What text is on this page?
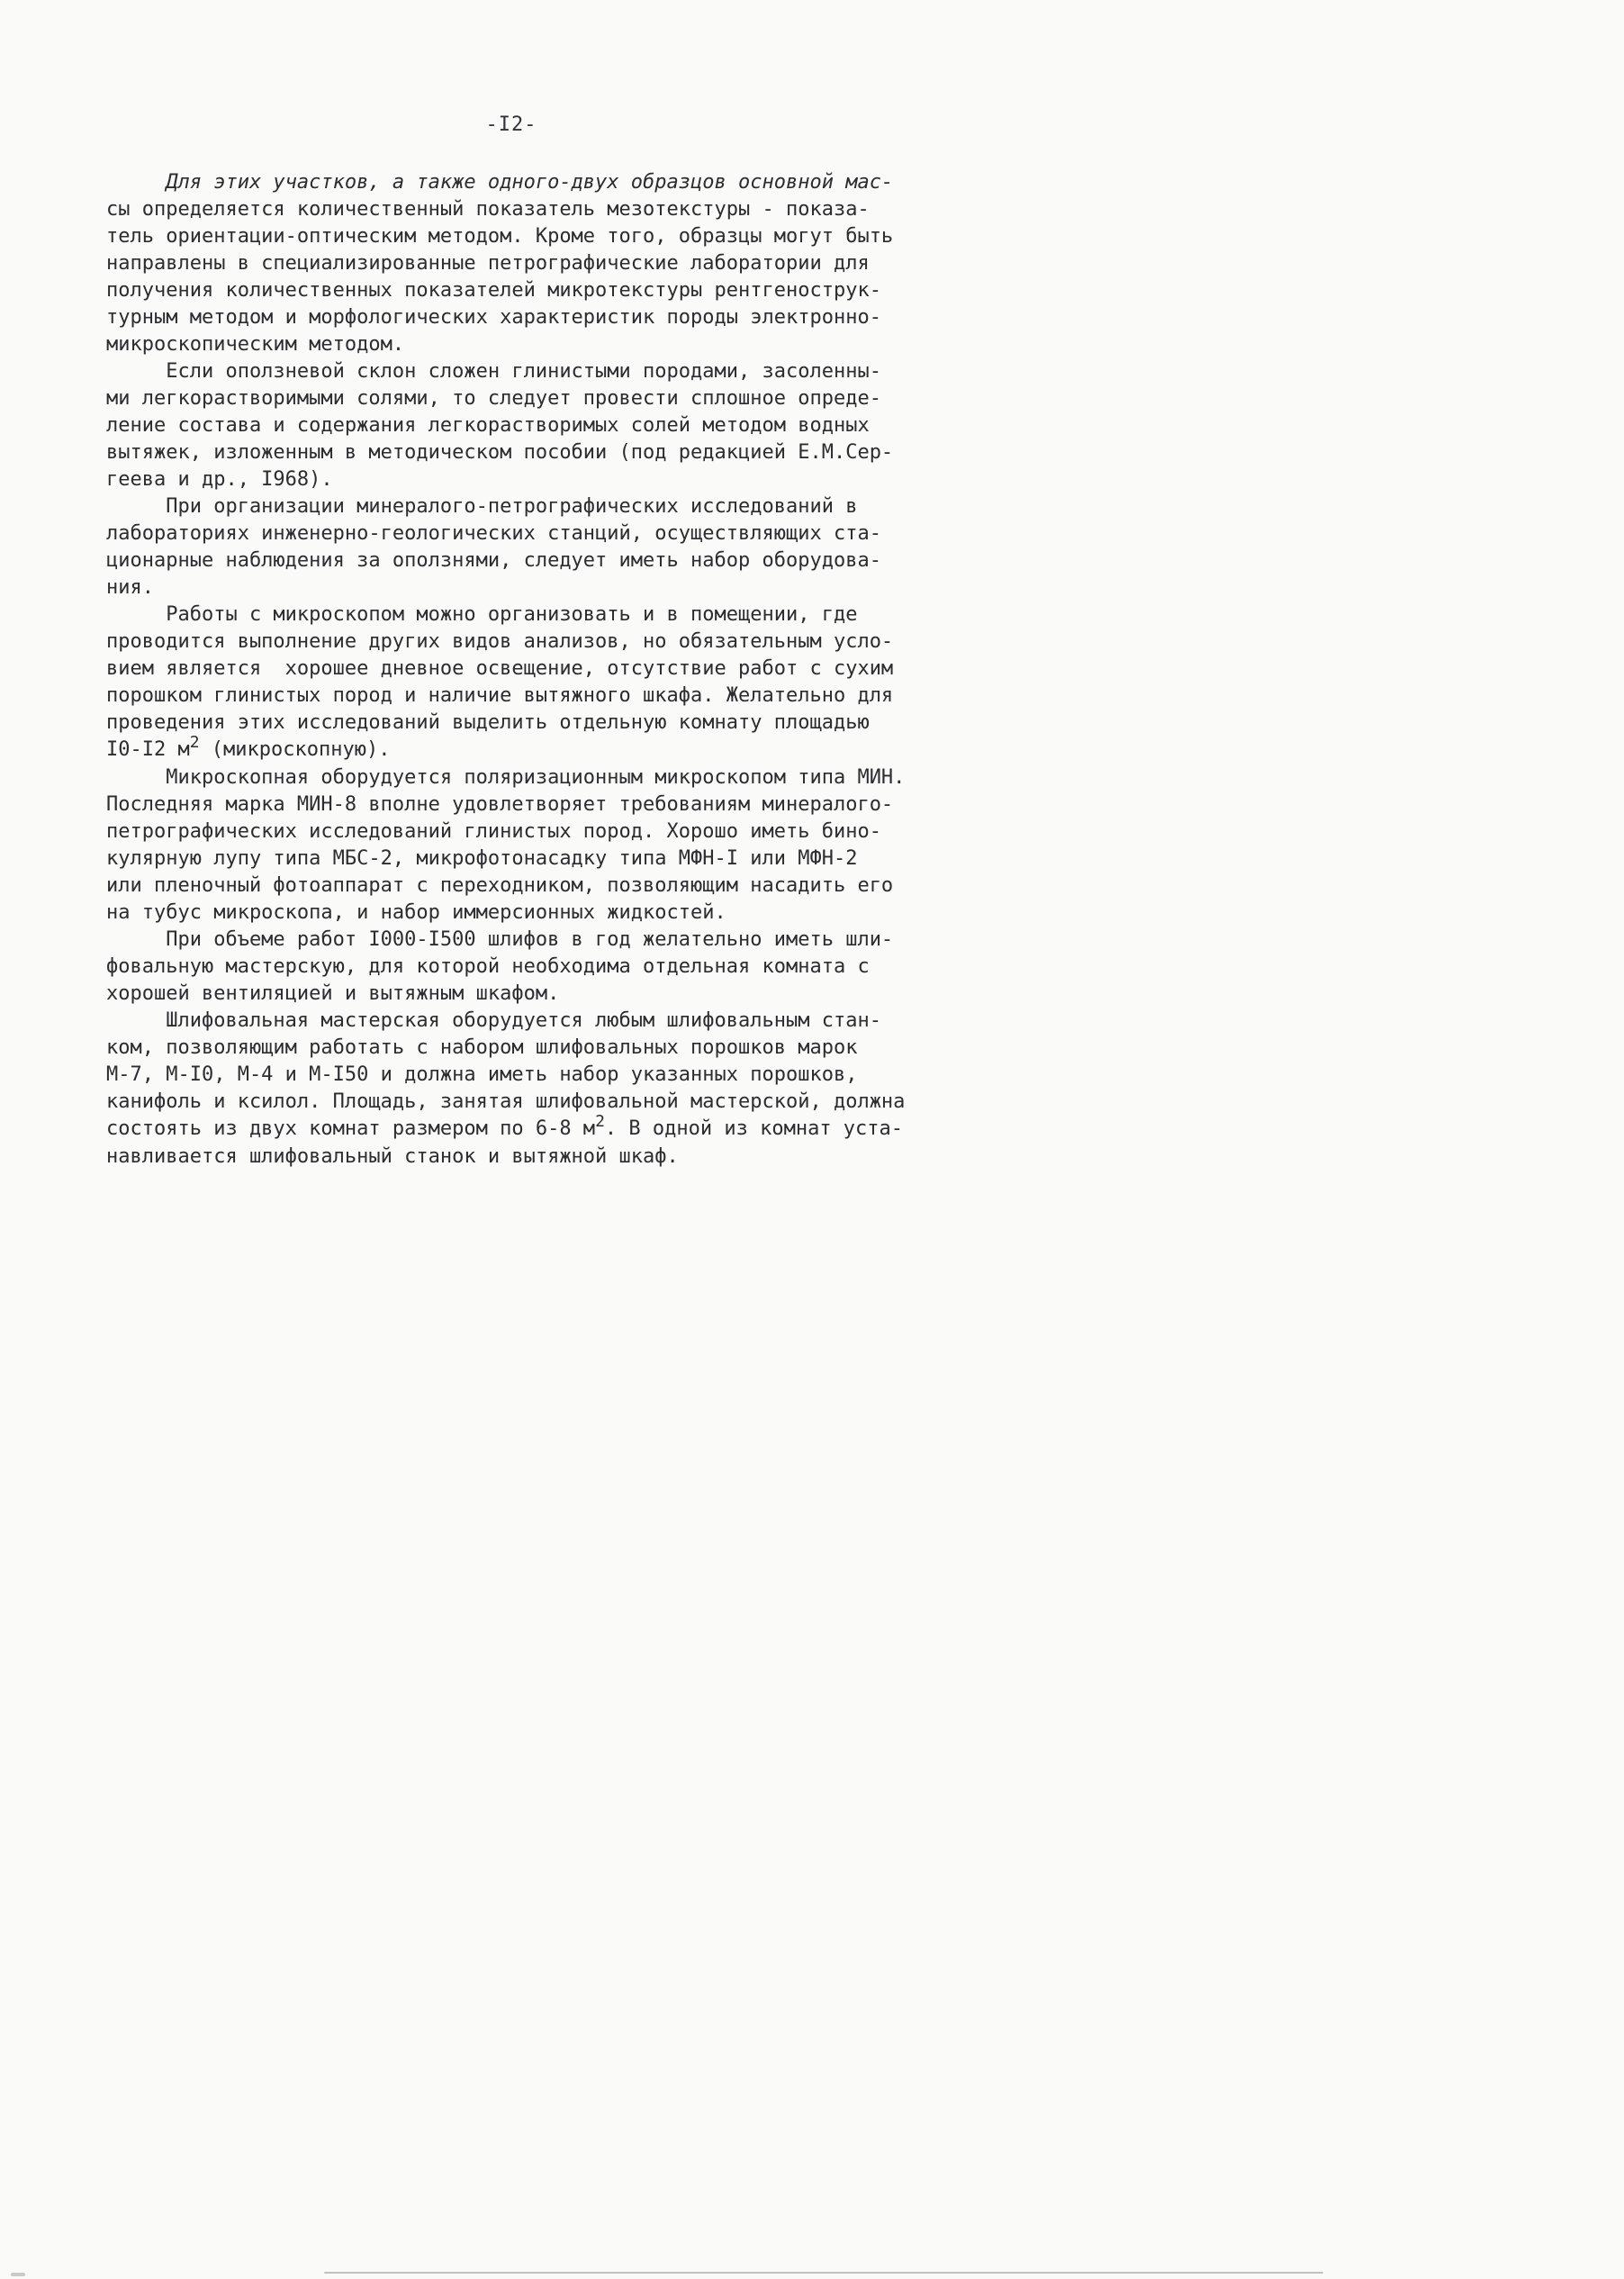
-I2-
Для этих участков, а также одного-двух образцов основной мас-
сы определяется количественный показатель мезотекстуры - показа-
тель ориентации-оптическим методом. Кроме того, образцы могут быть
направлены в специализированные петрографические лаборатории для
получения количественных показателей микротекстуры рентгенострук-
турным методом и морфологических характеристик породы электронно-
микроскопическим методом.
Если оползневой склон сложен глинистыми породами, засоленны-
ми легкорастворимыми солями, то следует провести сплошное опреде-
ление состава и содержания легкорастворимых солей методом водных
вытяжек, изложенным в методическом пособии (под редакцией Е.М.Сер-
геева и др., I968).
При организации минералого-петрографических исследований в
лабораториях инженерно-геологических станций, осуществляющих ста-
ционарные наблюдения за оползнями, следует иметь набор оборудова-
ния.
Работы с микроскопом можно организовать и в помещении, где
проводится выполнение других видов анализов, но обязательным усло-
вием является  хорошее дневное освещение, отсутствие работ с сухим
порошком глинистых пород и наличие вытяжного шкафа. Желательно для
проведения этих исследований выделить отдельную комнату площадью
I0-I2 $м^2$ (микроскопную).
Микроскопная оборудуется поляризационным микроскопом типа МИН.
Последняя марка МИН-8 вполне удовлетворяет требованиям минералого-
петрографических исследований глинистых пород. Хорошо иметь бино-
кулярную лупу типа МБС-2, микрофотонасадку типа МФН-I или МФН-2
или пленочный фотоаппарат с переходником, позволяющим насадить его
на тубус микроскопа, и набор иммерсионных жидкостей.
При объеме работ I000-I500 шлифов в год желательно иметь шли-
фовальную мастерскую, для которой необходима отдельная комната с
хорошей вентиляцией и вытяжным шкафом.
Шлифовальная мастерская оборудуется любым шлифовальным стан-
ком, позволяющим работать с набором шлифовальных порошков марок
М-7, М-I0, М-4 и М-I50 и должна иметь набор указанных порошков,
канифоль и ксилол. Площадь, занятая шлифовальной мастерской, должна
состоять из двух комнат размером по 6-8 $м^2$. В одной из комнат уста-
навливается шлифовальный станок и вытяжной шкаф.
